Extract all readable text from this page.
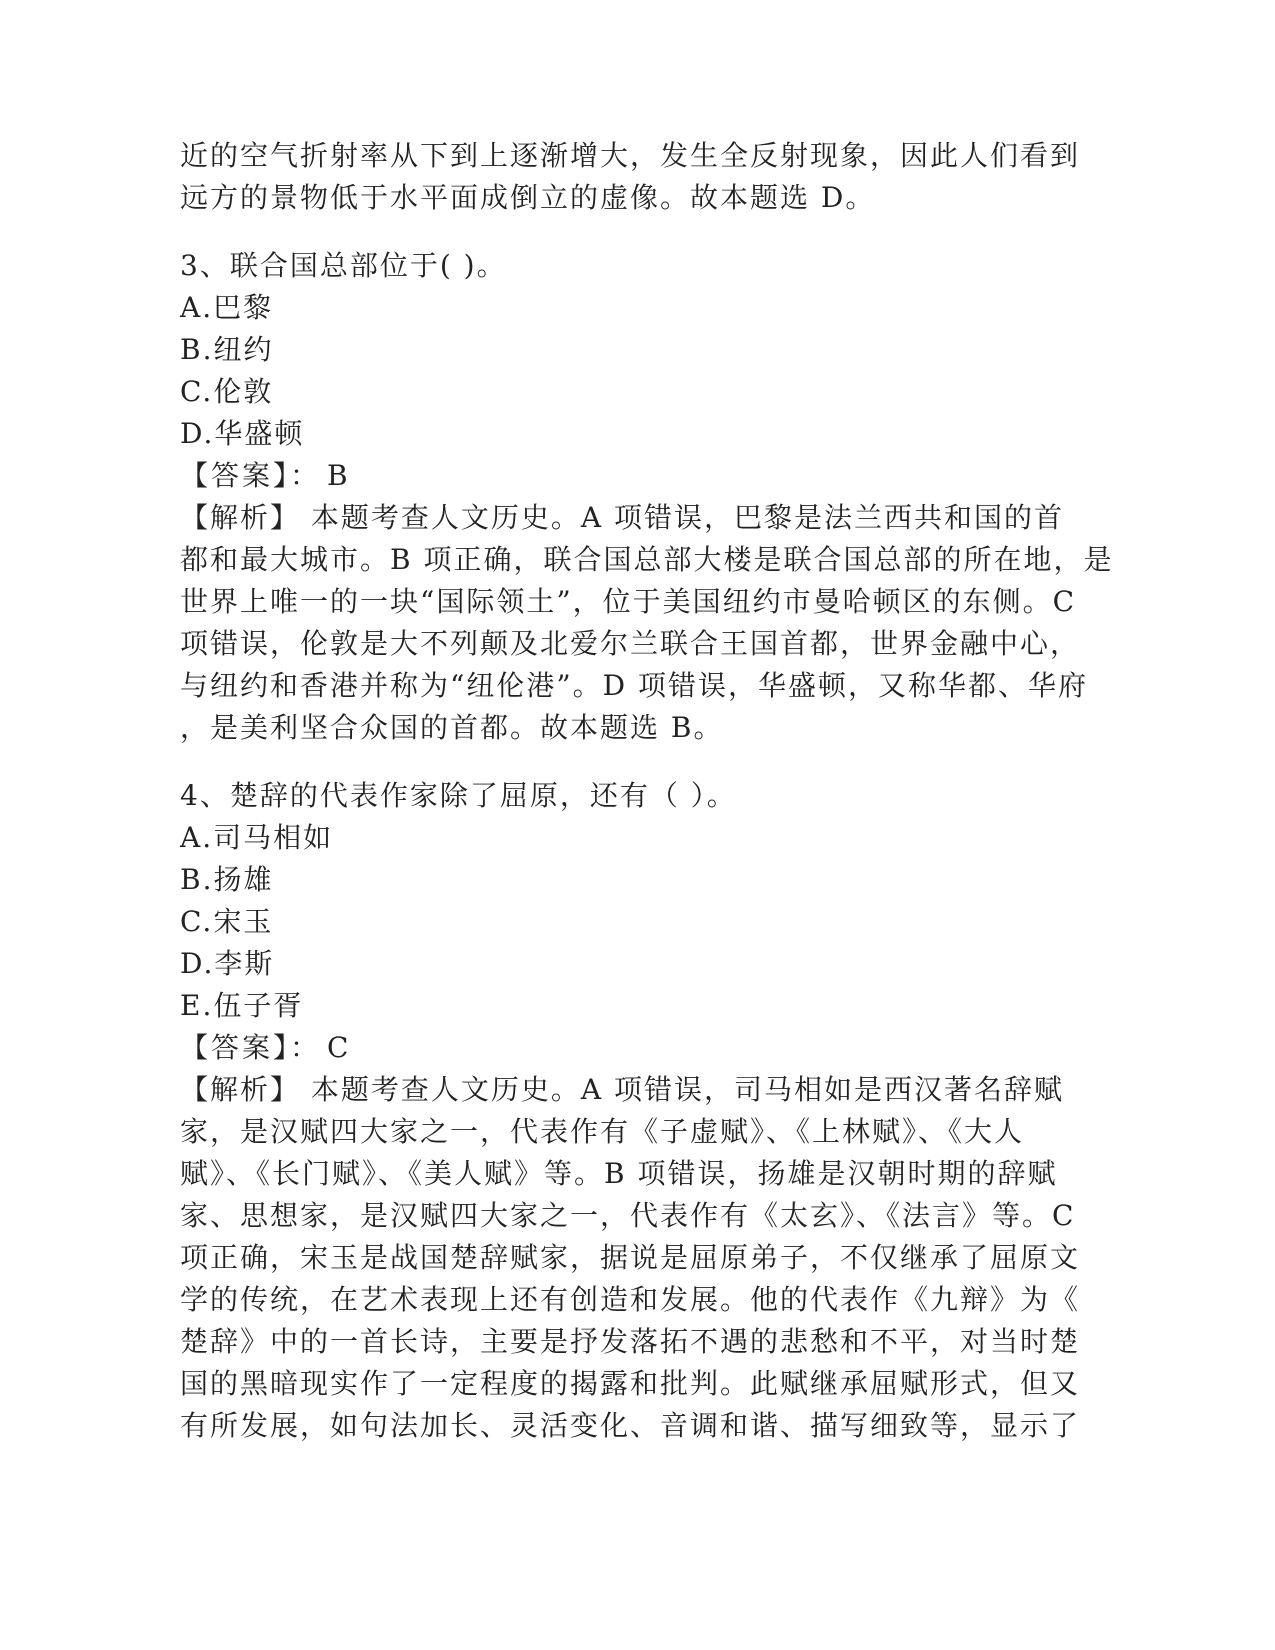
近的空气折射率从下到上逐渐增大，发生全反射现象，因此人们看到
远方的景物低于水平面成倒立的虚像。故本题选 D。
3、联合国总部位于( )。
A.巴黎
B.纽约
C.伦敦
D.华盛顿
【答案】： B
【解析】 本题考查人文历史。A 项错误，巴黎是法兰西共和国的首
都和最大城市。B 项正确，联合国总部大楼是联合国总部的所在地，是
世界上唯一的一块“国际领土”，位于美国纽约市曼哈顿区的东侧。C
项错误，伦敦是大不列颠及北爱尔兰联合王国首都，世界金融中心，
与纽约和香港并称为“纽伦港”。D 项错误，华盛顿，又称华都、华府
，是美利坚合众国的首都。故本题选 B。
4、楚辞的代表作家除了屈原，还有（ ）。
A.司马相如
B.扬雄
C.宋玉
D.李斯
E.伍子胥
【答案】： C
【解析】 本题考查人文历史。A 项错误，司马相如是西汉著名辞赋
家，是汉赋四大家之一，代表作有《子虚赋》、《上林赋》、《大人
赋》、《长门赋》、《美人赋》等。B 项错误，扬雄是汉朝时期的辞赋
家、思想家，是汉赋四大家之一，代表作有《太玄》、《法言》等。C
项正确，宋玉是战国楚辞赋家，据说是屈原弟子，不仅继承了屈原文
学的传统，在艺术表现上还有创造和发展。他的代表作《九辩》为《
楚辞》中的一首长诗，主要是抒发落拓不遇的悲愁和不平，对当时楚
国的黑暗现实作了一定程度的揭露和批判。此赋继承屈赋形式，但又
有所发展，如句法加长、灵活变化、音调和谐、描写细致等，显示了
